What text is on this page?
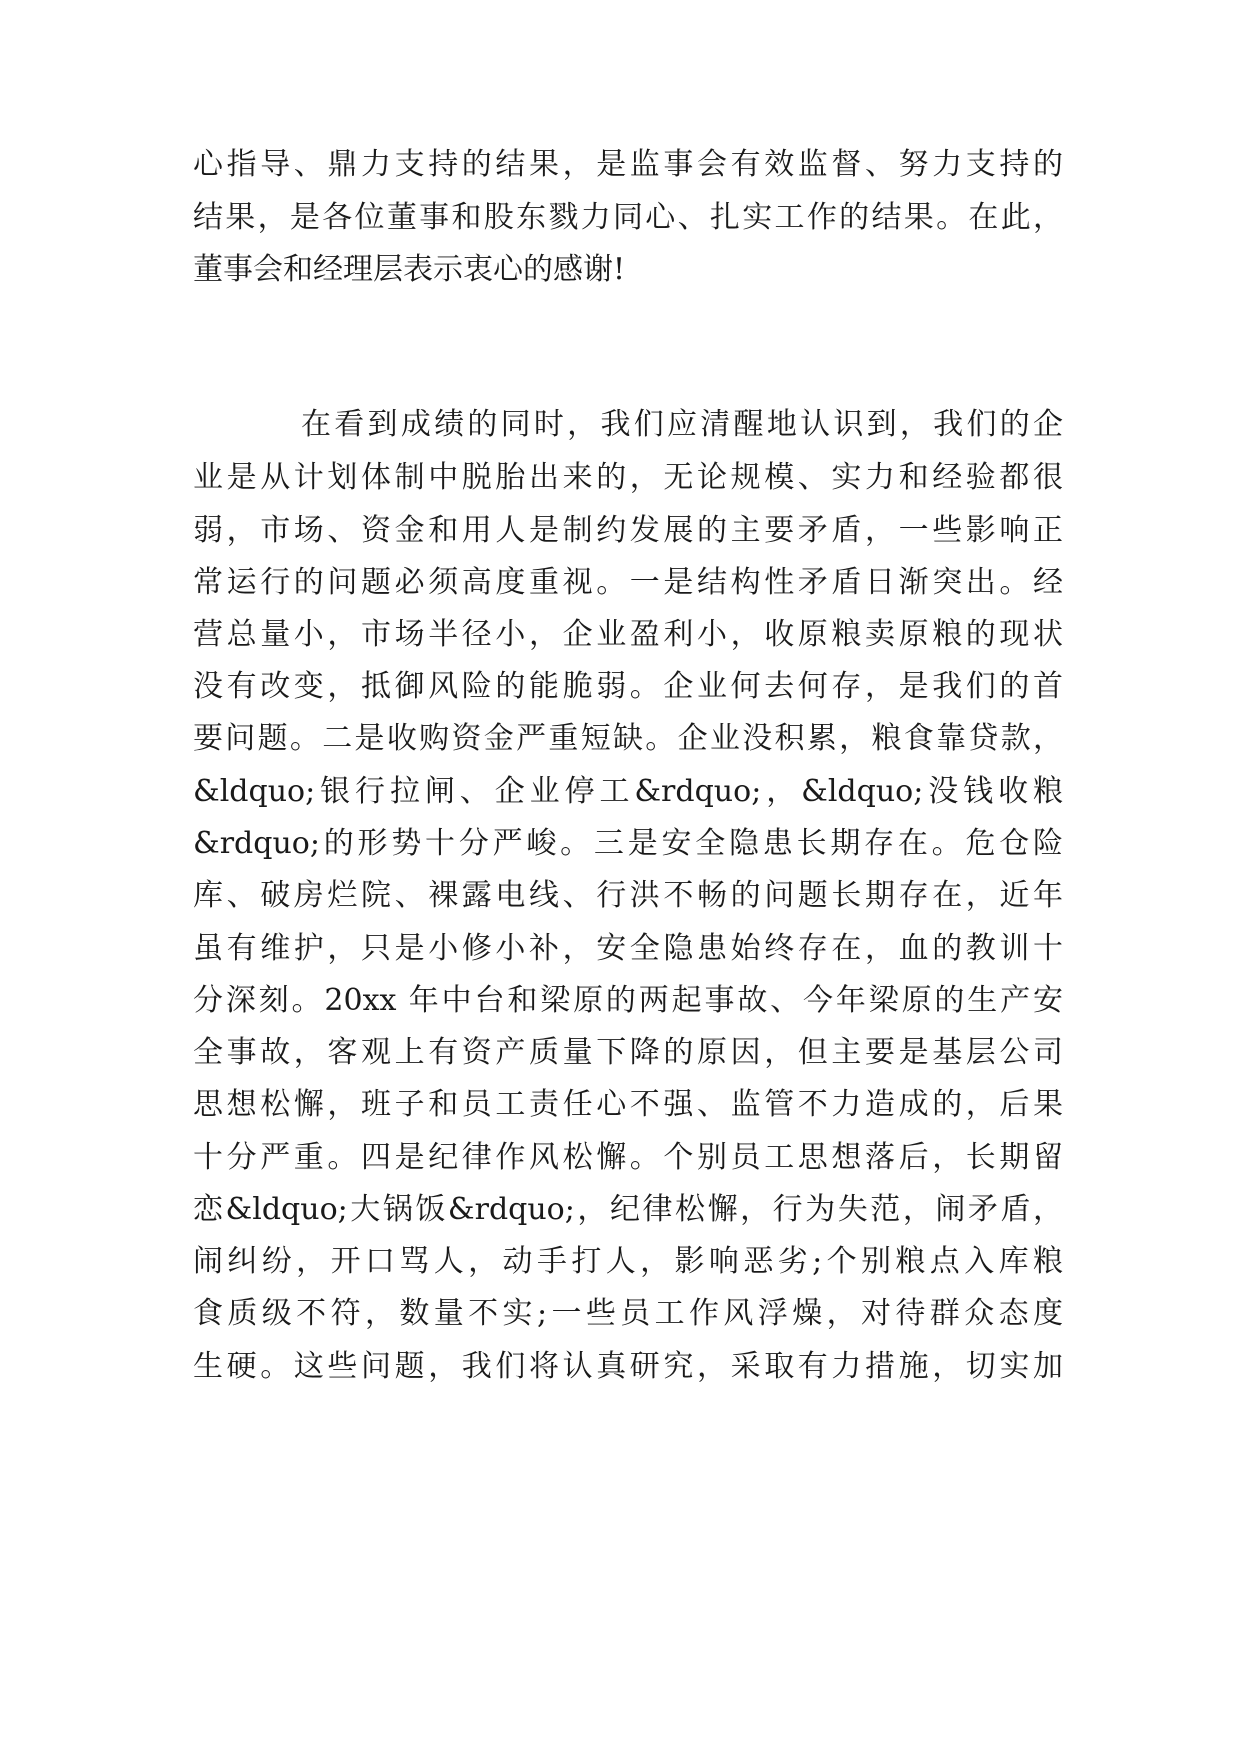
心指导、鼎力支持的结果，是监事会有效监督、努力支持的
结果，是各位董事和股东戮力同心、扎实工作的结果。在此，
董事会和经理层表示衷心的感谢!
在看到成绩的同时，我们应清醒地认识到，我们的企
业是从计划体制中脱胎出来的，无论规模、实力和经验都很
弱，市场、资金和用人是制约发展的主要矛盾，一些影响正
常运行的问题必须高度重视。一是结构性矛盾日渐突出。经
营总量小，市场半径小，企业盈利小，收原粮卖原粮的现状
没有改变，抵御风险的能脆弱。企业何去何存，是我们的首
要问题。二是收购资金严重短缺。企业没积累，粮食靠贷款，
&ldquo;银行拉闸、企业停工&rdquo;，&ldquo;没钱收粮
&rdquo;的形势十分严峻。三是安全隐患长期存在。危仓险
库、破房烂院、裸露电线、行洪不畅的问题长期存在，近年
虽有维护，只是小修小补，安全隐患始终存在，血的教训十
分深刻。20xx 年中台和梁原的两起事故、今年梁原的生产安
全事故，客观上有资产质量下降的原因，但主要是基层公司
思想松懈，班子和员工责任心不强、监管不力造成的，后果
十分严重。四是纪律作风松懈。个别员工思想落后，长期留
恋&ldquo;大锅饭&rdquo;，纪律松懈，行为失范，闹矛盾，
闹纠纷，开口骂人，动手打人，影响恶劣;个别粮点入库粮
食质级不符，数量不实;一些员工作风浮燥，对待群众态度
生硬。这些问题，我们将认真研究，采取有力措施，切实加
